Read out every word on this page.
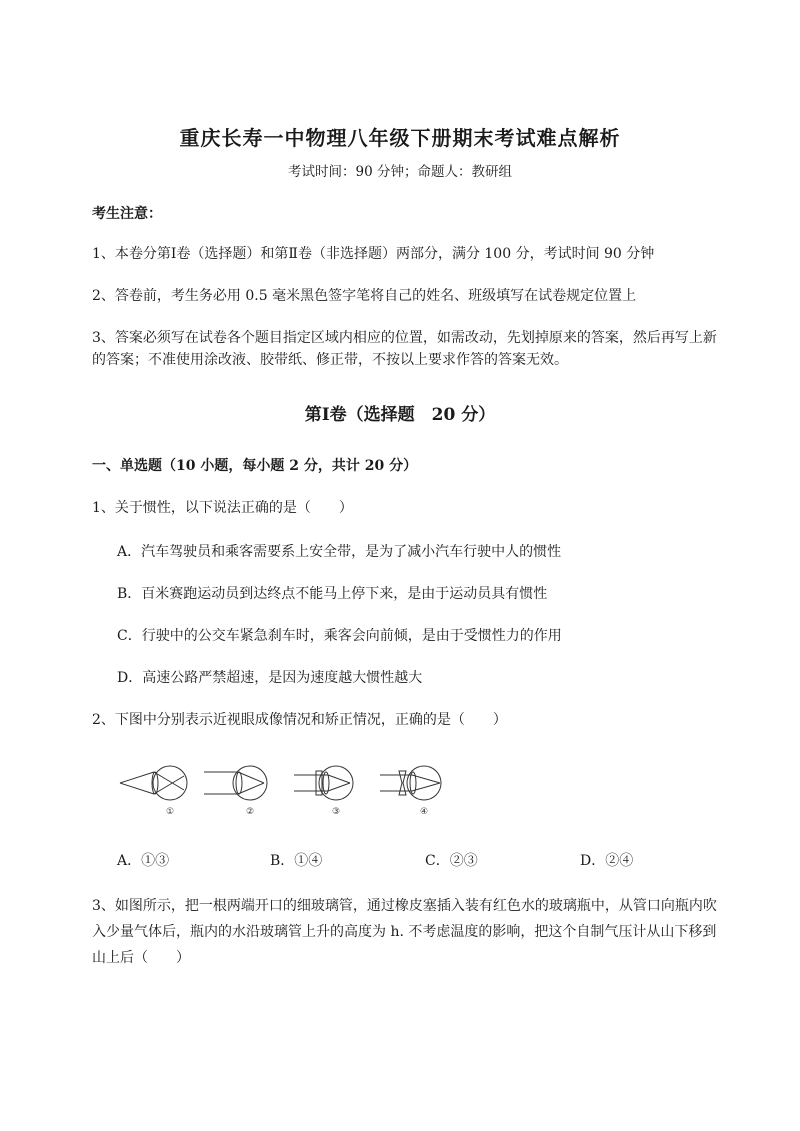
重庆长寿一中物理八年级下册期末考试难点解析
考试时间：90 分钟；命题人：教研组
考生注意：
1、本卷分第Ⅰ卷（选择题）和第Ⅱ卷（非选择题）两部分，满分 100 分，考试时间 90 分钟
2、答卷前，考生务必用 0.5 毫米黑色签字笔将自己的姓名、班级填写在试卷规定位置上
3、答案必须写在试卷各个题目指定区域内相应的位置，如需改动，先划掉原来的答案，然后再写上新的答案；不准使用涂改液、胶带纸、修正带，不按以上要求作答的答案无效。
第Ⅰ卷（选择题　20 分）
一、单选题（10 小题，每小题 2 分，共计 20 分）
1、关于惯性，以下说法正确的是（　　）
A．汽车驾驶员和乘客需要系上安全带，是为了减小汽车行驶中人的惯性
B．百米赛跑运动员到达终点不能马上停下来，是由于运动员具有惯性
C．行驶中的公交车紧急刹车时，乘客会向前倾，是由于受惯性力的作用
D．高速公路严禁超速，是因为速度越大惯性越大
2、下图中分别表示近视眼成像情况和矫正情况，正确的是（　　）
①	②	③	④
A．①③	B．①④	C．②③	D．②④
3、如图所示，把一根两端开口的细玻璃管，通过橡皮塞插入装有红色水的玻璃瓶中，从管口向瓶内吹入少量气体后，瓶内的水沿玻璃管上升的高度为 h. 不考虑温度的影响，把这个自制气压计从山下移到山上后（　　）
